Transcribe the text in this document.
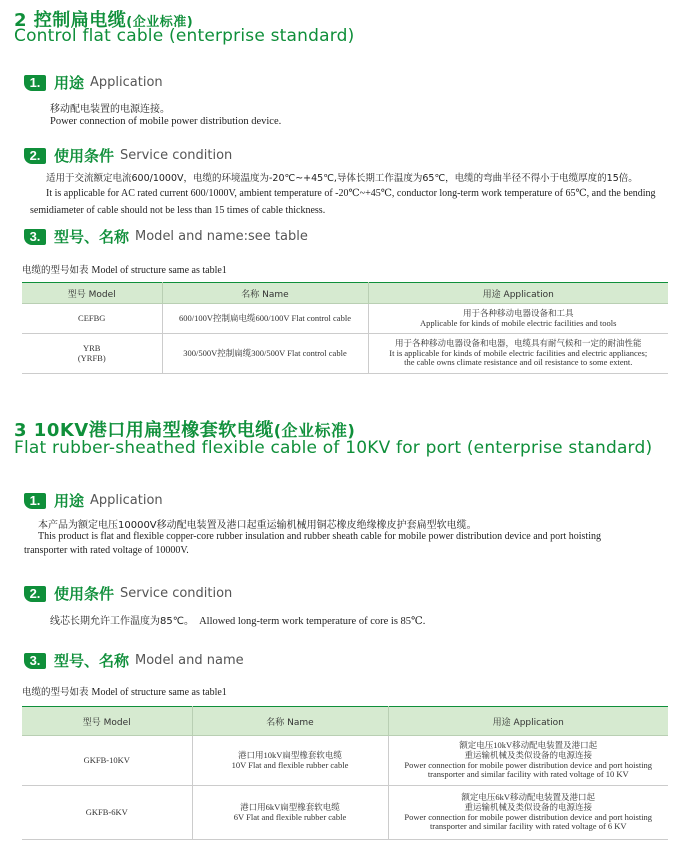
2 控制扁电缆(企业标准)
Control flat cable (enterprise standard)
1. 用途 Application
移动配电装置的电源连接。
Power connection of mobile power distribution device.
2. 使用条件 Service condition
适用于交流额定电流600/1000V，电缆的环境温度为-20℃~+45℃,导体长期工作温度为65℃，电缆的弯曲半径不得小于电缆厚度的15倍。
It is applicable for AC rated current 600/1000V, ambient temperature of -20℃~+45℃, conductor long-term work temperature of 65℃, and the bending
semidiameter of cable should not be less than 15 times of cable thickness.
3. 型号、名称 Model and name:see table
电缆的型号如表 Model of structure same as table1
型号 Model	名称 Name	用途 Application

CEFBG	600/100V控制扁电缆600/100V Flat control cable	用于各种移动电器设备和工具
Applicable for kinds of mobile electric facilities and tools

YRB
(YRFB)	300/500V控制扁缆300/500V Flat control cable	用于各种移动电器设备和电器，电缆具有耐气候和一定的耐油性能
It is applicable for kinds of mobile electric facilities and electric appliances;
the cable owns climate resistance and oil resistance to some extent.
3 10KV港口用扁型橡套软电缆(企业标准)
Flat rubber-sheathed flexible cable of 10KV for port (enterprise standard)
1. 用途 Application
本产品为额定电压10000V移动配电装置及港口起重运输机械用铜芯橡皮绝缘橡皮护套扁型软电缆。
This product is flat and flexible copper-core rubber insulation and rubber sheath cable for mobile power distribution device and port hoisting
transporter with rated voltage of 10000V.
2. 使用条件 Service condition
线芯长期允许工作温度为85℃。 Allowed long-term work temperature of core is 85℃.
3. 型号、名称 Model and name
电缆的型号如表 Model of structure same as table1
型号 Model	名称 Name	用途 Application

GKFB-10KV	港口用10kV扁型橡套软电缆
10V Flat and flexible rubber cable	额定电压10kV移动配电装置及港口起
重运输机械及类似设备的电源连接
Power connection for mobile power distribution device and port hoisting
transporter and similar facility with rated voltage of 10 KV

GKFB-6KV	港口用6kV扁型橡套软电缆
6V Flat and flexible rubber cable	额定电压6kV移动配电装置及港口起
重运输机械及类似设备的电源连接
Power connection for mobile power distribution device and port hoisting
transporter and similar facility with rated voltage of 6 KV
